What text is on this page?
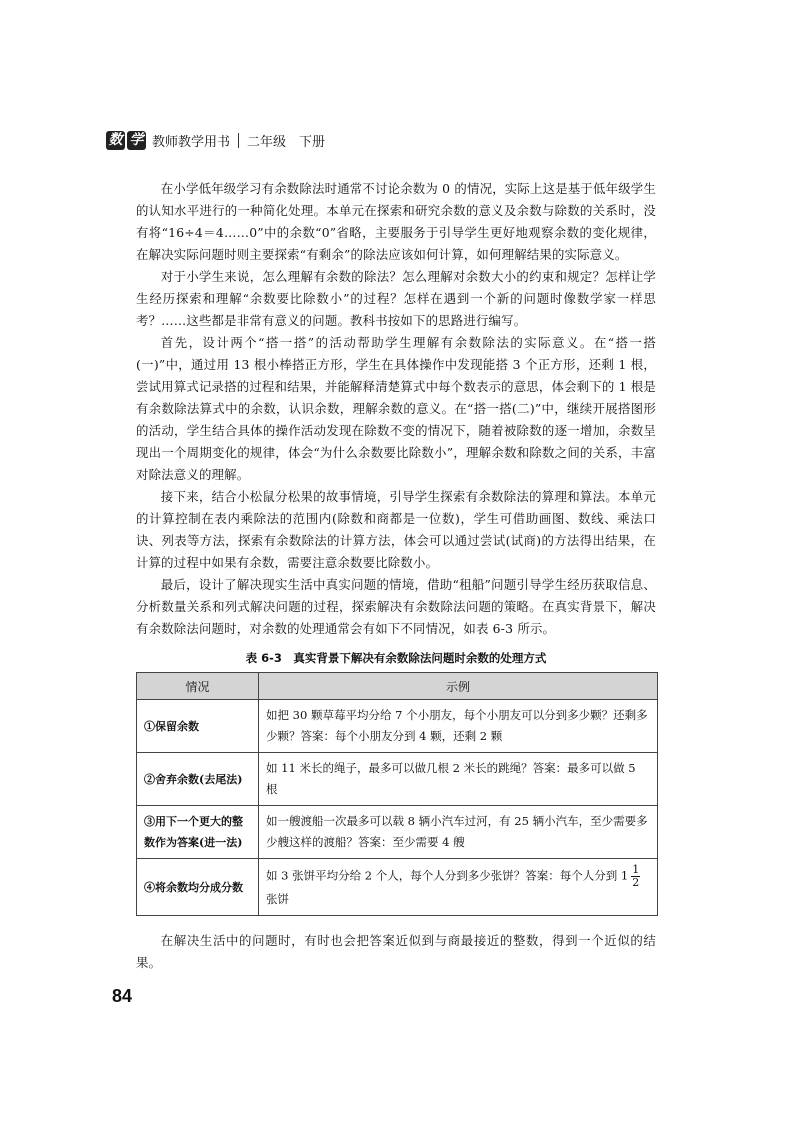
数 学 教师教学用书 二年级　下册

在小学低年级学习有余数除法时通常不讨论余数为 0 的情况，实际上这是基于低年级学生的认知水平进行的一种简化处理。本单元在探索和研究余数的意义及余数与除数的关系时，没有将“16÷4＝4……0”中的余数“0”省略，主要服务于引导学生更好地观察余数的变化规律，在解决实际问题时则主要探索“有剩余”的除法应该如何计算，如何理解结果的实际意义。

对于小学生来说，怎么理解有余数的除法？怎么理解对余数大小的约束和规定？怎样让学生经历探索和理解“余数要比除数小”的过程？怎样在遇到一个新的问题时像数学家一样思考？……这些都是非常有意义的问题。教科书按如下的思路进行编写。

首先，设计两个“搭一搭”的活动帮助学生理解有余数除法的实际意义。在“搭一搭(一)”中，通过用 13 根小棒搭正方形，学生在具体操作中发现能搭 3 个正方形，还剩 1 根，尝试用算式记录搭的过程和结果，并能解释清楚算式中每个数表示的意思，体会剩下的 1 根是有余数除法算式中的余数，认识余数，理解余数的意义。在“搭一搭(二)”中，继续开展搭图形的活动，学生结合具体的操作活动发现在除数不变的情况下，随着被除数的逐一增加，余数呈现出一个周期变化的规律，体会“为什么余数要比除数小”，理解余数和除数之间的关系，丰富对除法意义的理解。

接下来，结合小松鼠分松果的故事情境，引导学生探索有余数除法的算理和算法。本单元的计算控制在表内乘除法的范围内(除数和商都是一位数)，学生可借助画图、数线、乘法口诀、列表等方法，探索有余数除法的计算方法，体会可以通过尝试(试商)的方法得出结果，在计算的过程中如果有余数，需要注意余数要比除数小。

最后，设计了解决现实生活中真实问题的情境，借助“租船”问题引导学生经历获取信息、分析数量关系和列式解决问题的过程，探索解决有余数除法问题的策略。在真实背景下，解决有余数除法问题时，对余数的处理通常会有如下不同情况，如表 6-3 所示。

表 6-3　真实背景下解决有余数除法问题时余数的处理方式
情况	示例
①保留余数	如把 30 颗草莓平均分给 7 个小朋友，每个小朋友可以分到多少颗？还剩多少颗？答案：每个小朋友分到 4 颗，还剩 2 颗
②舍弃余数(去尾法)	如 11 米长的绳子，最多可以做几根 2 米长的跳绳？答案：最多可以做 5 根
③用下一个更大的整数作为答案(进一法)	如一艘渡船一次最多可以载 8 辆小汽车过河，有 25 辆小汽车，至少需要多少艘这样的渡船？答案：至少需要 4 艘
④将余数均分成分数	如 3 张饼平均分给 2 个人，每个人分到多少张饼？答案：每个人分到 $1 \frac{1}{2}$
张饼

在解决生活中的问题时，有时也会把答案近似到与商最接近的整数，得到一个近似的结果。

84
